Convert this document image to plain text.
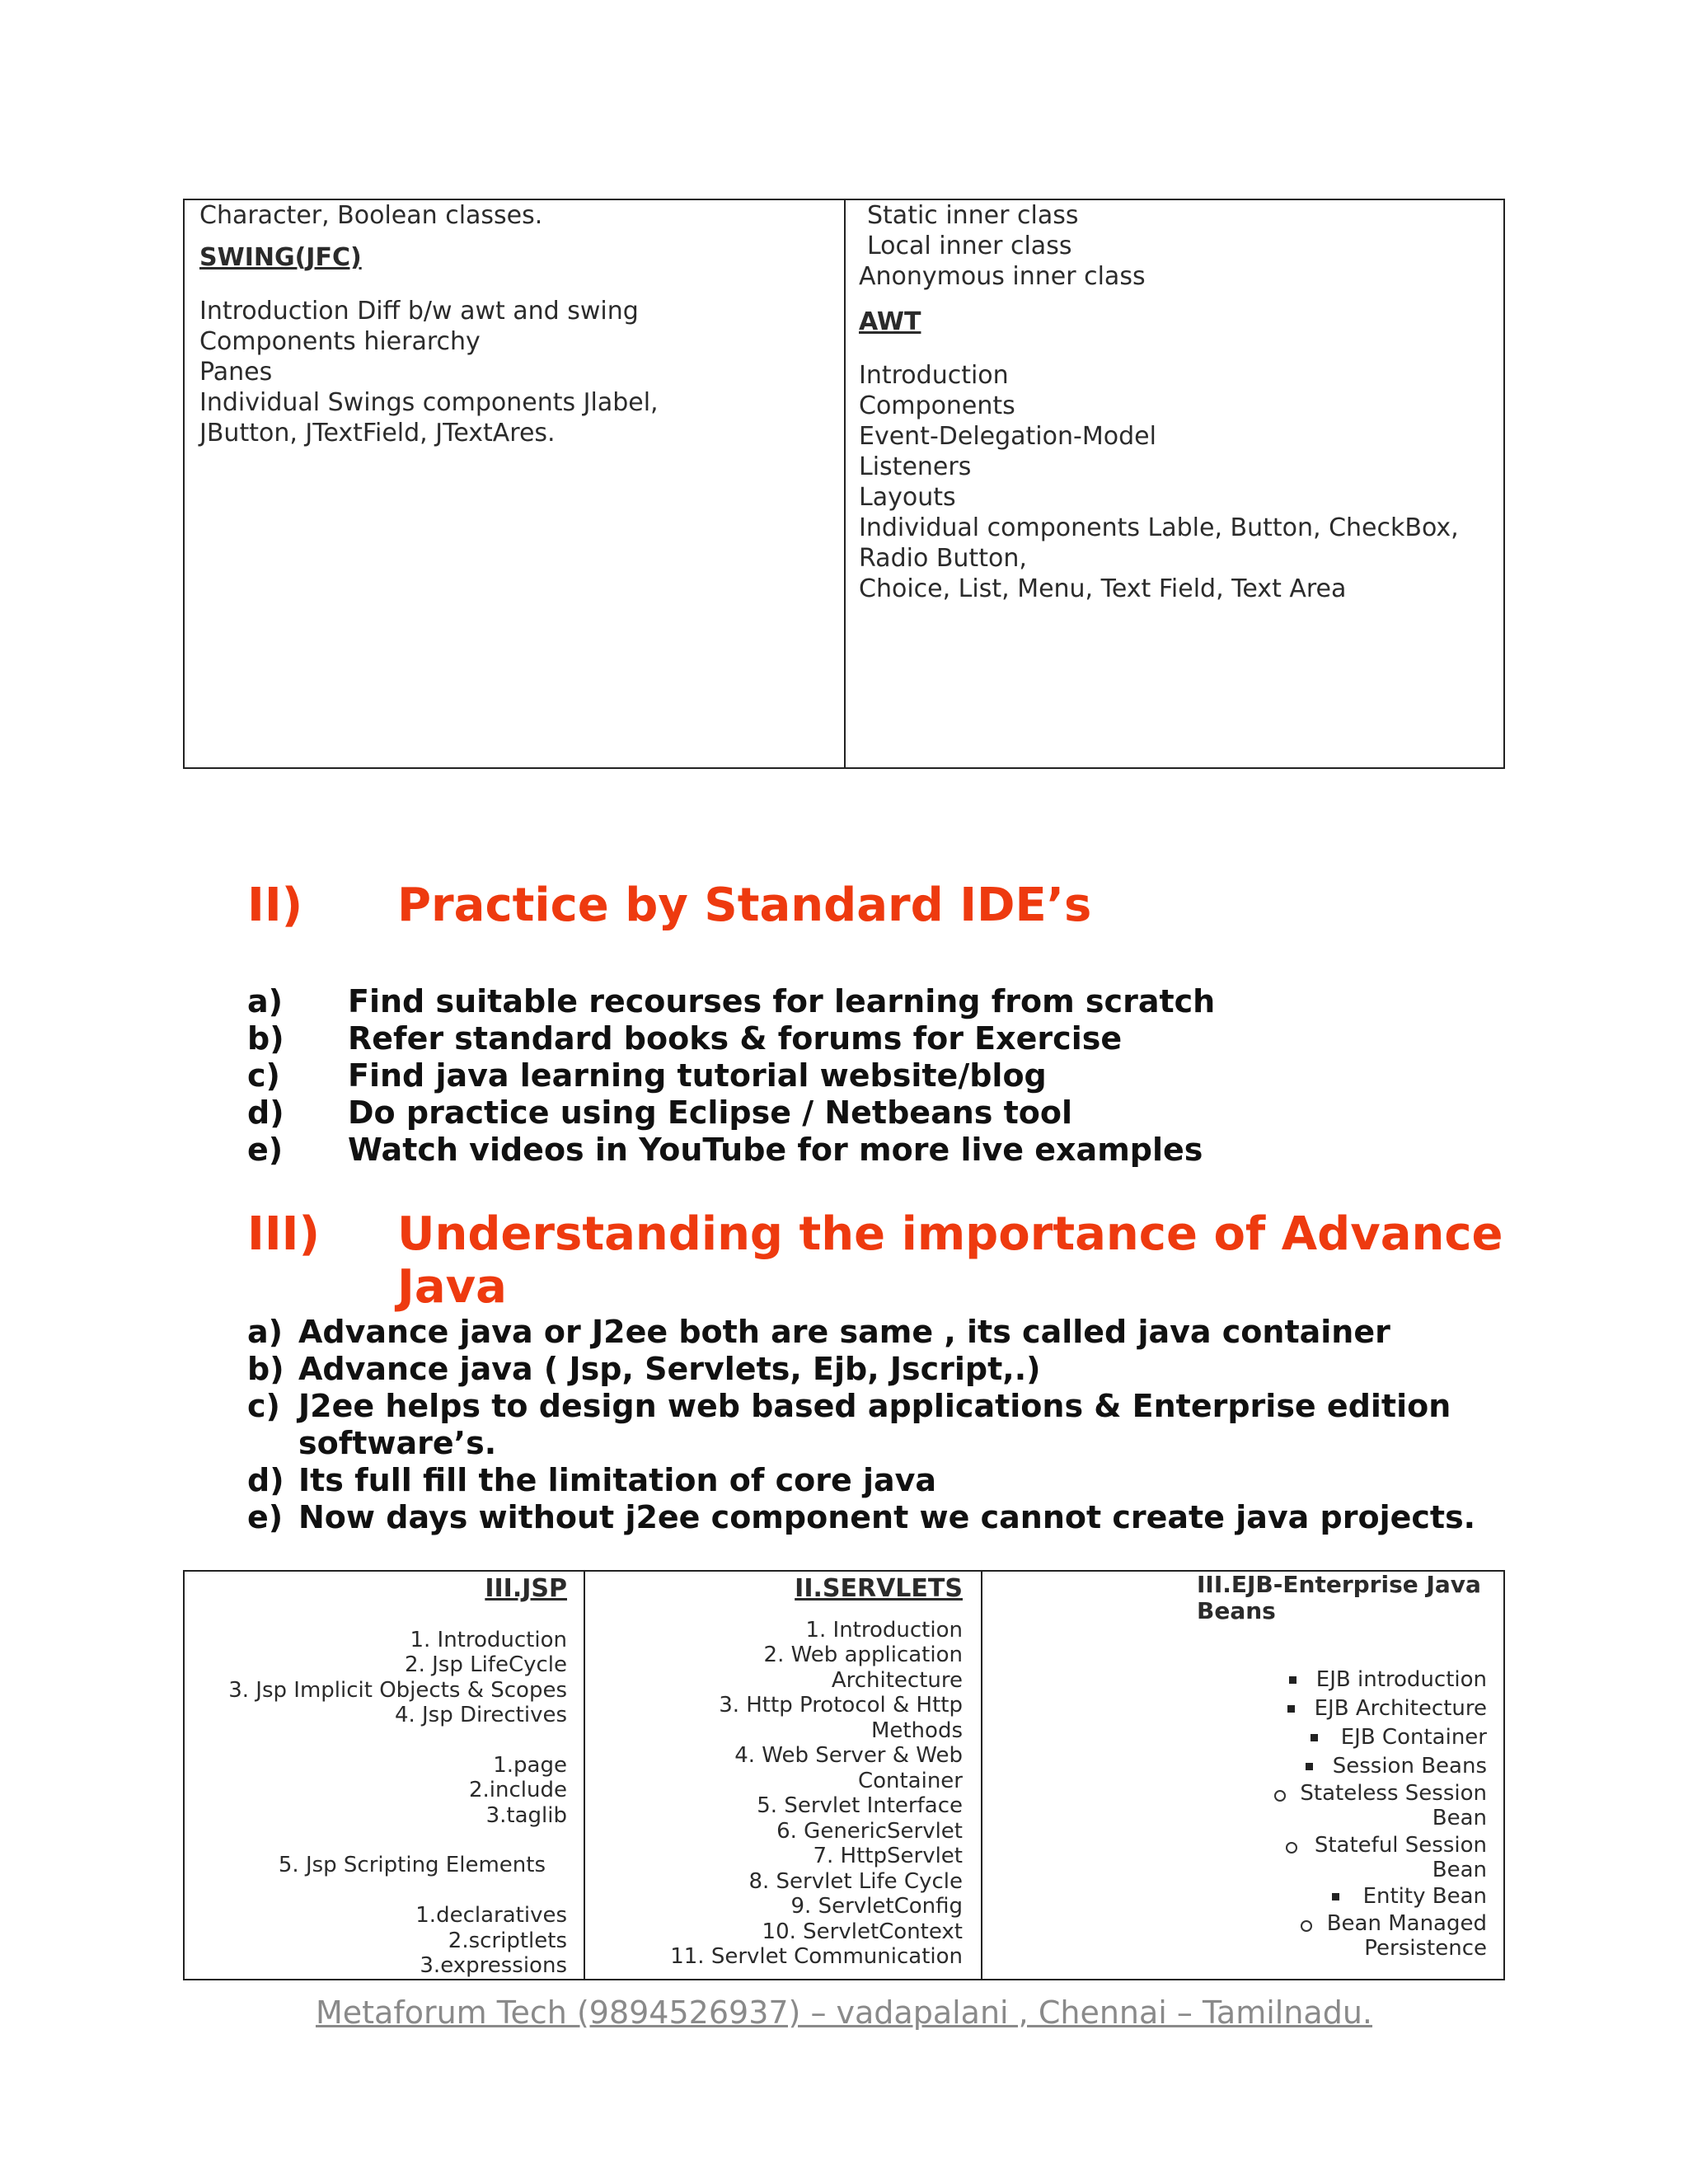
Character, Boolean classes.
SWING(JFC)
Introduction Diff b/w awt and swing
Components hierarchy
Panes
Individual Swings components Jlabel,
JButton, JTextField, JTextAres.
Static inner class
Local inner class
Anonymous inner class
AWT
Introduction
Components
Event-Delegation-Model
Listeners
Layouts
Individual components Lable, Button, CheckBox,
Radio Button,
Choice, List, Menu, Text Field, Text Area
II) Practice by Standard IDE’s
a) Find suitable recourses for learning from scratch
b) Refer standard books & forums for Exercise
c) Find java learning tutorial website/blog
d) Do practice using Eclipse / Netbeans tool
e) Watch videos in YouTube for more live examples
III) Understanding the importance of Advance
Java
a) Advance java or J2ee both are same , its called java container
b) Advance java ( Jsp, Servlets, Ejb, Jscript,.)
c) J2ee helps to design web based applications & Enterprise edition
software’s.
d) Its full fill the limitation of core java
e) Now days without j2ee component we cannot create java projects.
III.JSP
1. Introduction
2. Jsp LifeCycle
3. Jsp Implicit Objects & Scopes
4. Jsp Directives
1.page
2.include
3.taglib
5. Jsp Scripting Elements
1.declaratives
2.scriptlets
3.expressions
II.SERVLETS
1. Introduction
2. Web application
Architecture
3. Http Protocol & Http
Methods
4. Web Server & Web
Container
5. Servlet Interface
6. GenericServlet
7. HttpServlet
8. Servlet Life Cycle
9. ServletConfig
10. ServletContext
11. Servlet Communication
III.EJB-Enterprise Java
Beans
EJB introduction
EJB Architecture
EJB Container
Session Beans
Stateless Session
Bean
Stateful Session
Bean
Entity Bean
Bean Managed
Persistence
Metaforum Tech (9894526937) – vadapalani , Chennai – Tamilnadu.
